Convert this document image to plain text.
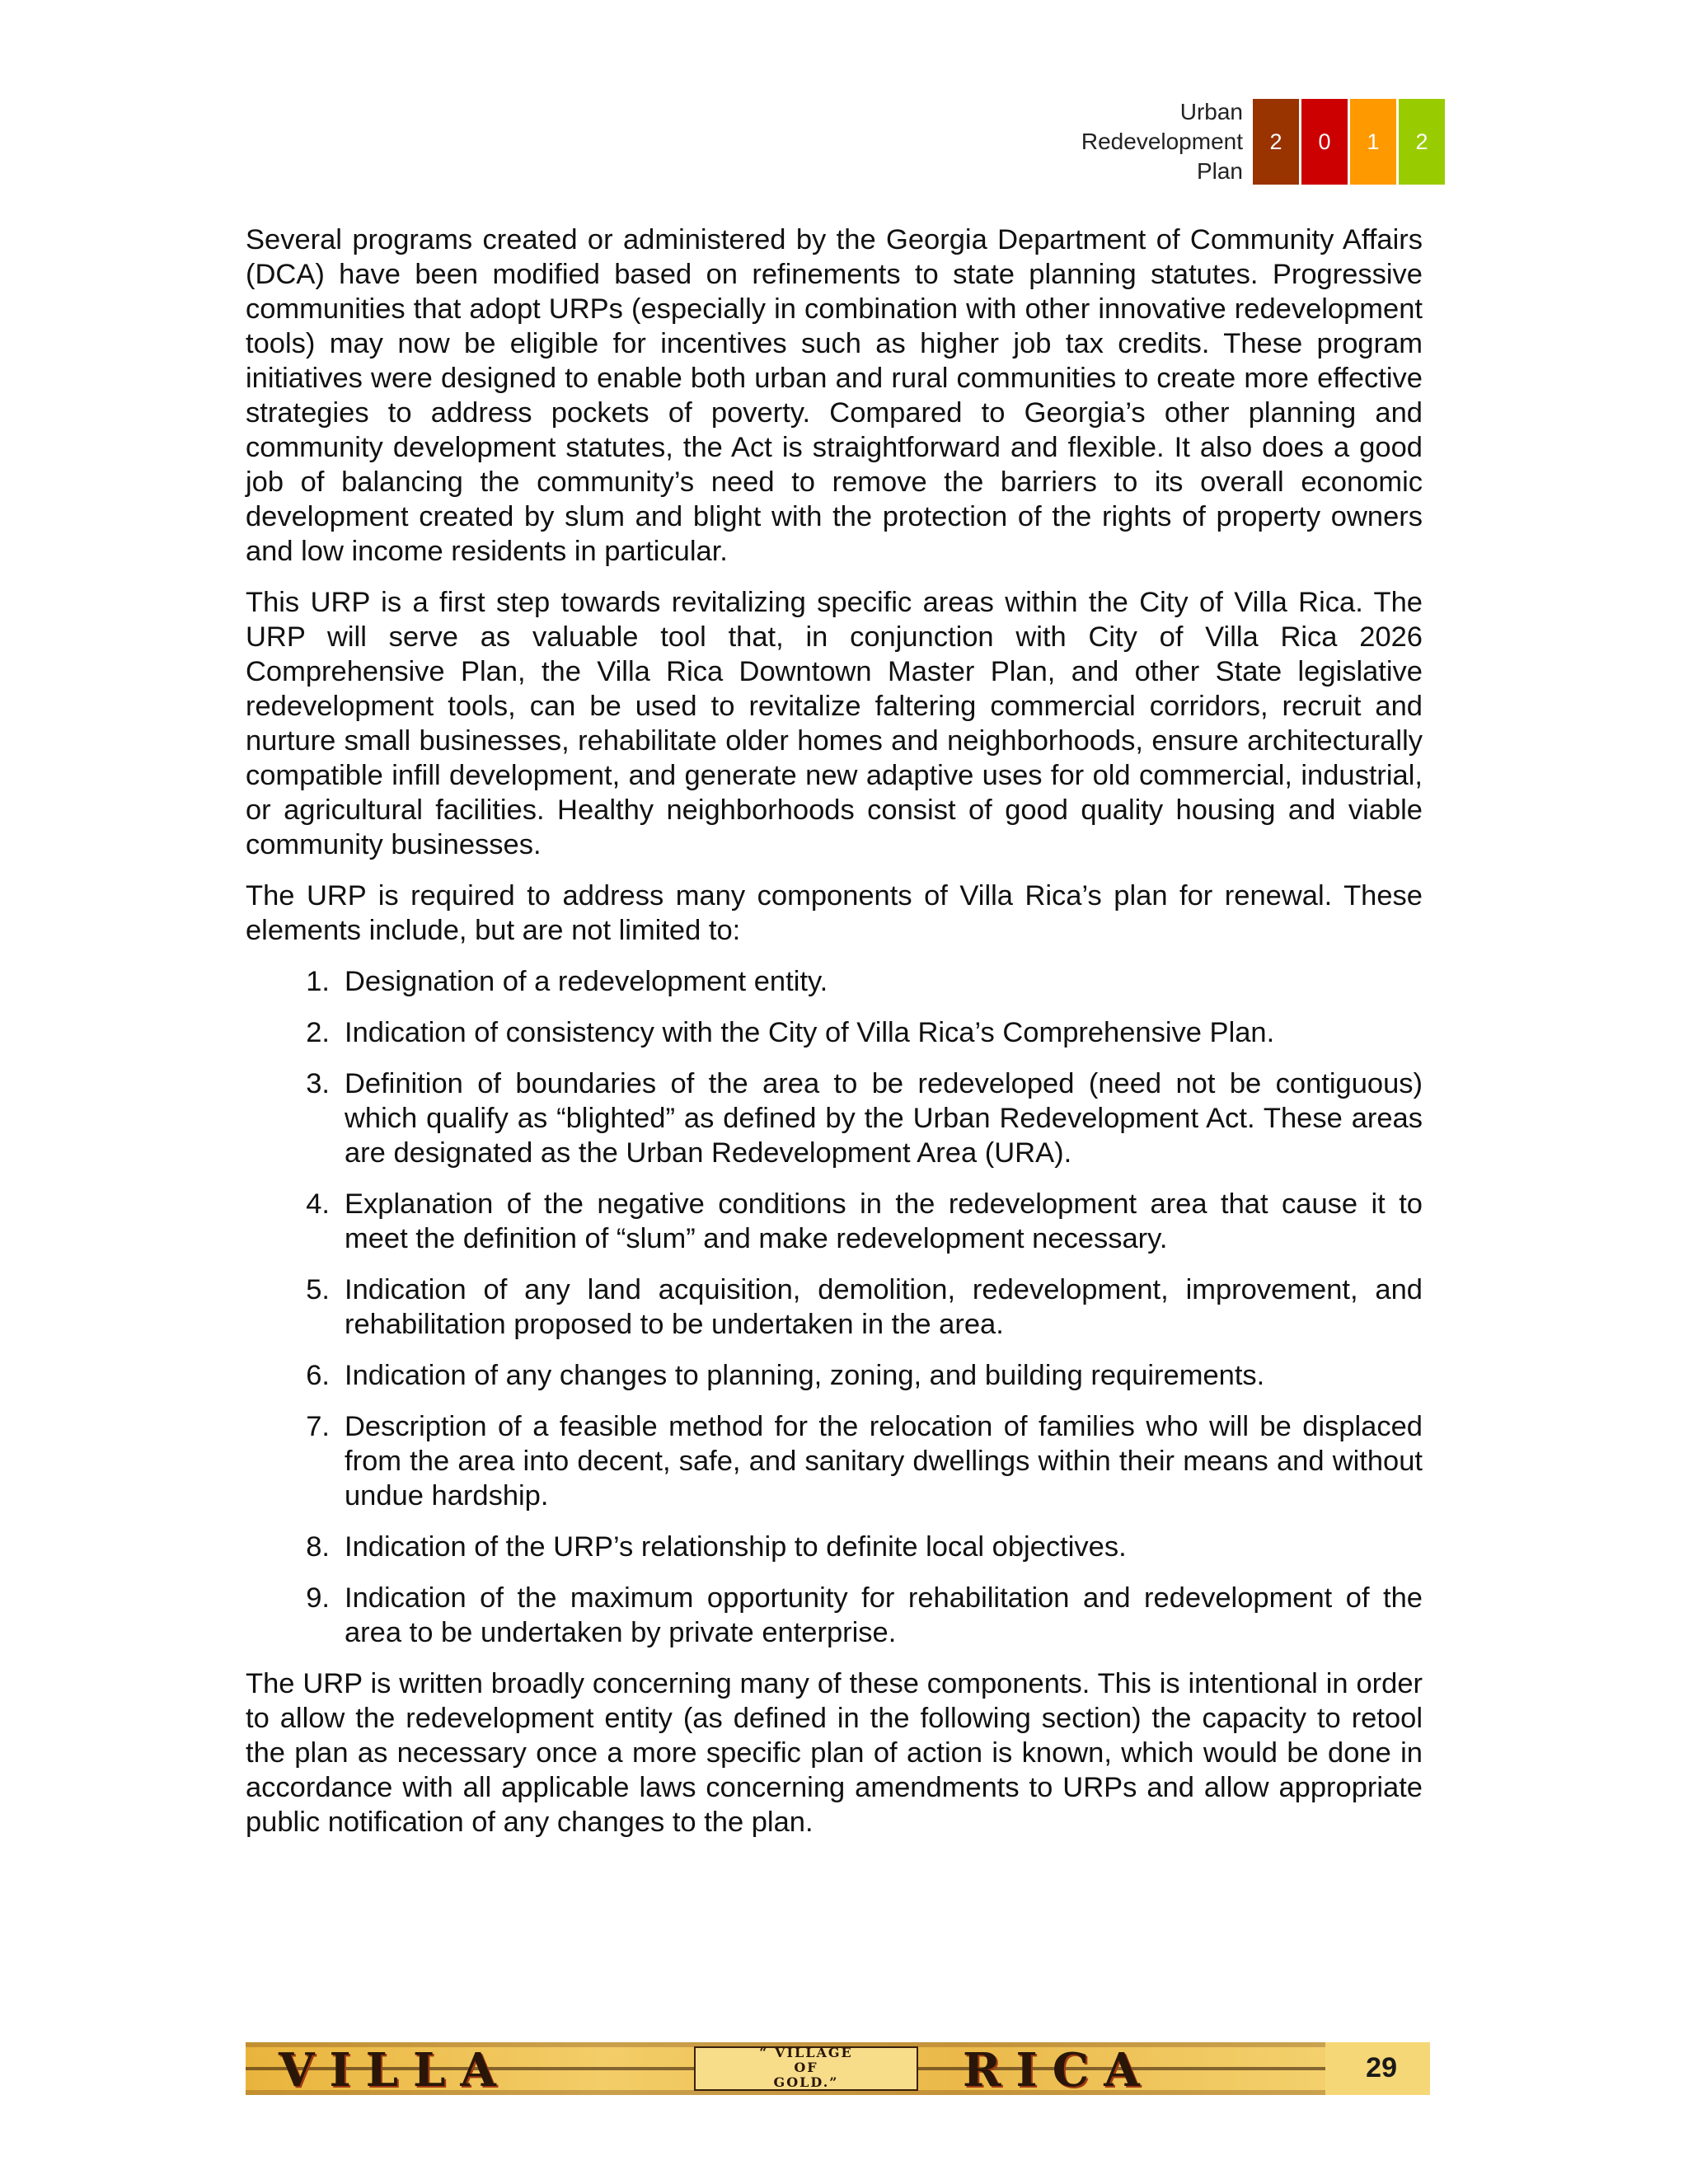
Urban
Redevelopment
Plan
2	0	1	2

Several programs created or administered by the Georgia Department of Community Affairs (DCA) have been modified based on refinements to state planning statutes. Progressive communities that adopt URPs (especially in combination with other innovative redevelopment tools) may now be eligible for incentives such as higher job tax credits. These program initiatives were designed to enable both urban and rural communities to create more effective strategies to address pockets of poverty. Compared to Georgia’s other planning and community development statutes, the Act is straightforward and flexible. It also does a good job of balancing the community’s need to remove the barriers to its overall economic development created by slum and blight with the protection of the rights of property owners and low income residents in particular.

This URP is a first step towards revitalizing specific areas within the City of Villa Rica. The URP will serve as valuable tool that, in conjunction with City of Villa Rica 2026 Comprehensive Plan, the Villa Rica Downtown Master Plan, and other State legislative redevelopment tools, can be used to revitalize faltering commercial corridors, recruit and nurture small businesses, rehabilitate older homes and neighborhoods, ensure architecturally compatible infill development, and generate new adaptive uses for old commercial, industrial, or agricultural facilities. Healthy neighborhoods consist of good quality housing and viable community businesses.

The URP is required to address many components of Villa Rica’s plan for renewal. These elements include, but are not limited to:

1. Designation of a redevelopment entity.
2. Indication of consistency with the City of Villa Rica’s Comprehensive Plan.
3. Definition of boundaries of the area to be redeveloped (need not be contiguous) which qualify as “blighted” as defined by the Urban Redevelopment Act. These areas are designated as the Urban Redevelopment Area (URA).
4. Explanation of the negative conditions in the redevelopment area that cause it to meet the definition of “slum” and make redevelopment necessary.
5. Indication of any land acquisition, demolition, redevelopment, improvement, and rehabilitation proposed to be undertaken in the area.
6. Indication of any changes to planning, zoning, and building requirements.
7. Description of a feasible method for the relocation of families who will be displaced from the area into decent, safe, and sanitary dwellings within their means and without undue hardship.
8. Indication of the URP’s relationship to definite local objectives.
9. Indication of the maximum opportunity for rehabilitation and redevelopment of the area to be undertaken by private enterprise.

The URP is written broadly concerning many of these components. This is intentional in order to allow the redevelopment entity (as defined in the following section) the capacity to retool the plan as necessary once a more specific plan of action is known, which would be done in accordance with all applicable laws concerning amendments to URPs and allow appropriate public notification of any changes to the plan.

VILLA	“ VILLAGE
OF
GOLD.”	RICA	29
